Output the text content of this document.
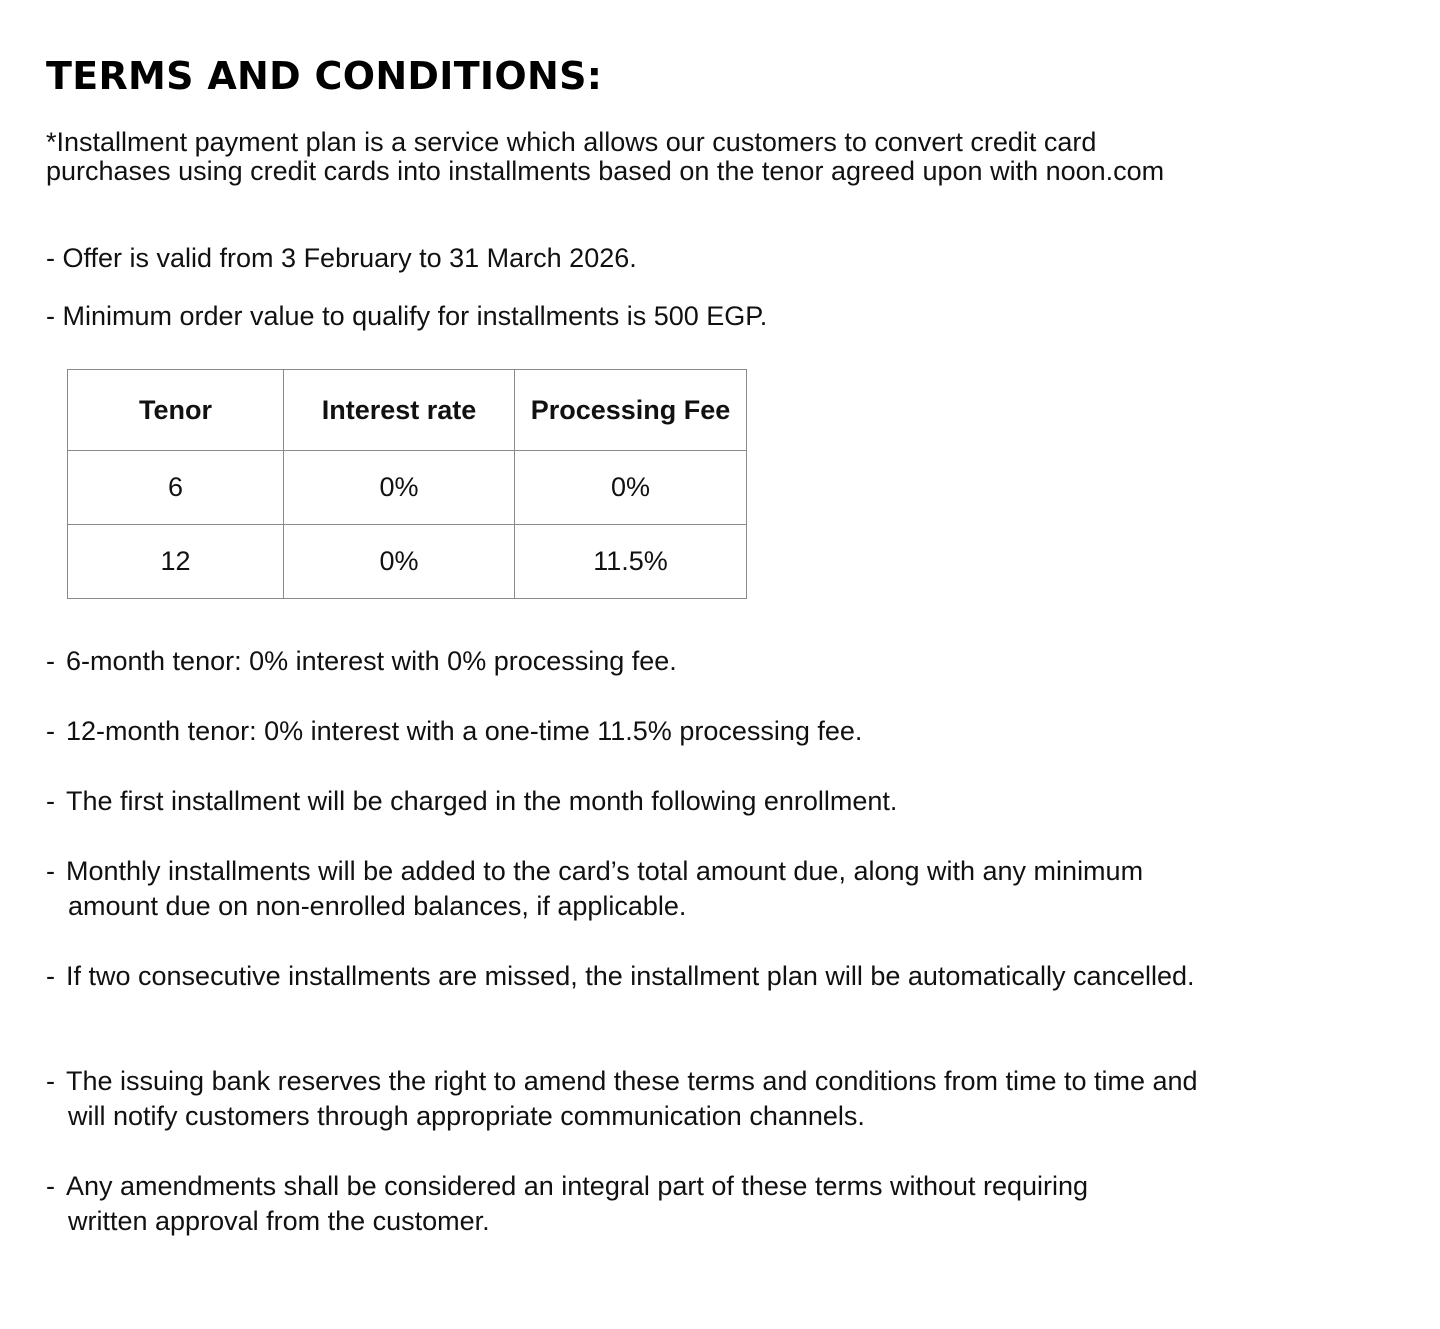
TERMS AND CONDITIONS:

*Installment payment plan is a service which allows our customers to convert credit card purchases using credit cards into installments based on the tenor agreed upon with noon.com

- Offer is valid from 3 February to 31 March 2026.
- Minimum order value to qualify for installments is 500 EGP.
Tenor	Interest rate	Processing Fee
6	0%	0%
12	0%	11.5%
- 6-month tenor: 0% interest with 0% processing fee.
- 12-month tenor: 0% interest with a one-time 11.5% processing fee.
- The first installment will be charged in the month following enrollment.
- Monthly installments will be added to the card’s total amount due, along with any minimum amount due on non-enrolled balances, if applicable.
- If two consecutive installments are missed, the installment plan will be automatically cancelled.
- The issuing bank reserves the right to amend these terms and conditions from time to time and will notify customers through appropriate communication channels.
- Any amendments shall be considered an integral part of these terms without requiring written approval from the customer.
